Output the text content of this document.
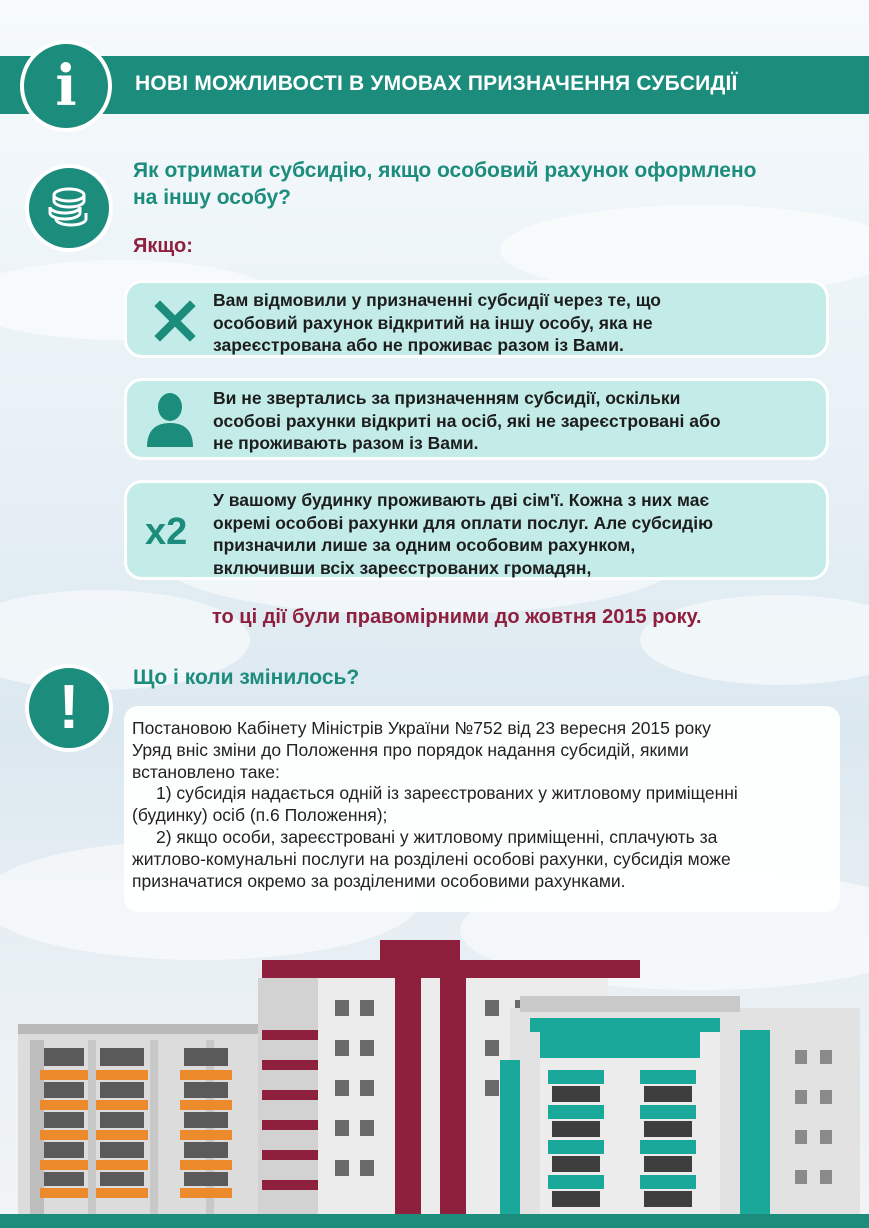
НОВІ МОЖЛИВОСТІ В УМОВАХ ПРИЗНАЧЕННЯ СУБСИДІЇ
i
Як отримати субсидію, якщо особовий рахунок оформлено
на іншу особу?
Якщо:
Вам відмовили у призначенні субсидії через те, що
особовий рахунок відкритий на іншу особу, яка не
зареєстрована або не проживає разом із Вами.
Ви не звертались за призначенням субсидії, оскільки
особові рахунки відкриті на осіб, які не зареєстровані або
не проживають разом із Вами.
x2
У вашому будинку проживають дві сім'ї. Кожна з них має
окремі особові рахунки для оплати послуг. Але субсидію
призначили лише за одним особовим рахунком,
включивши всіх зареєстрованих громадян,
то ці дії були правомірними до жовтня 2015 року.
!	Що і коли змінилось?

Постановою Кабінету Міністрів України №752 від 23 вересня 2015 року

Уряд вніс зміни до Положення про порядок надання субсидій, якими

встановлено таке:

1) субсидія надається одній із зареєстрованих у житловому приміщенні

(будинку) осіб (п.6 Положення);

2) якщо особи, зареєстровані у житловому приміщенні, сплачують за

житлово-комунальні послуги на розділені особові рахунки, субсидія може

призначатися окремо за розділеними особовими рахунками.
